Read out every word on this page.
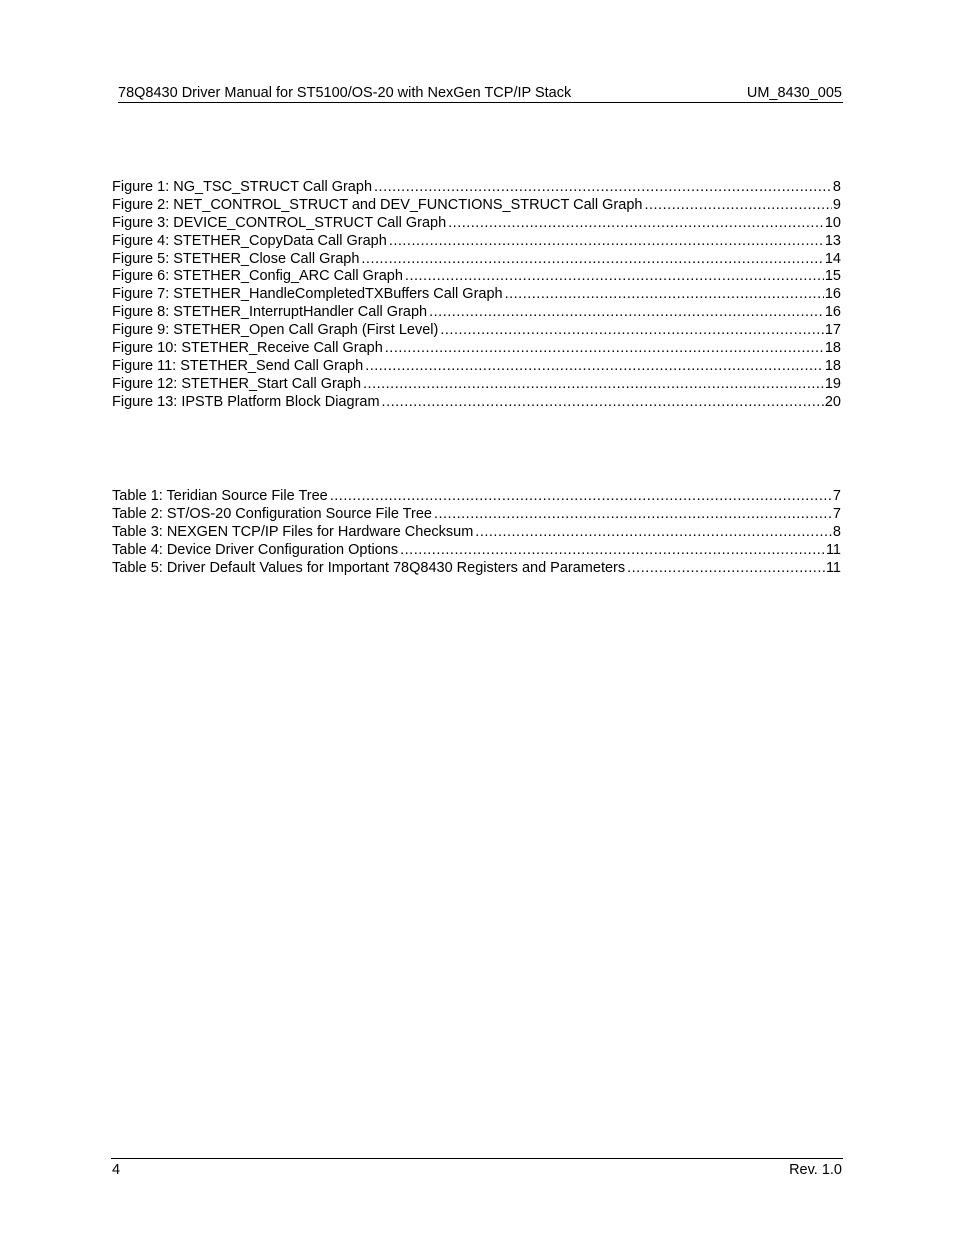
78Q8430 Driver Manual for ST5100/OS-20 with NexGen TCP/IP Stack	UM_8430_005
Figure 1: NG_TSC_STRUCT Call Graph .....	8
Figure 2: NET_CONTROL_STRUCT and DEV_FUNCTIONS_STRUCT Call Graph .....	9
Figure 3: DEVICE_CONTROL_STRUCT Call Graph .....	10
Figure 4: STETHER_CopyData Call Graph .....	13
Figure 5: STETHER_Close Call Graph .....	14
Figure 6: STETHER_Config_ARC Call Graph .....	15
Figure 7: STETHER_HandleCompletedTXBuffers Call Graph .....	16
Figure 8: STETHER_InterruptHandler Call Graph .....	16
Figure 9: STETHER_Open Call Graph (First Level) .....	17
Figure 10: STETHER_Receive Call Graph .....	18
Figure 11: STETHER_Send Call Graph .....	18
Figure 12: STETHER_Start Call Graph .....	19
Figure 13: IPSTB Platform Block Diagram .....	20
Table 1: Teridian Source File Tree .....	7
Table 2: ST/OS-20 Configuration Source File Tree .....	7
Table 3: NEXGEN TCP/IP Files for Hardware Checksum .....	8
Table 4: Device Driver Configuration Options .....	11
Table 5: Driver Default Values for Important 78Q8430 Registers and Parameters .....	11
4	Rev. 1.0
